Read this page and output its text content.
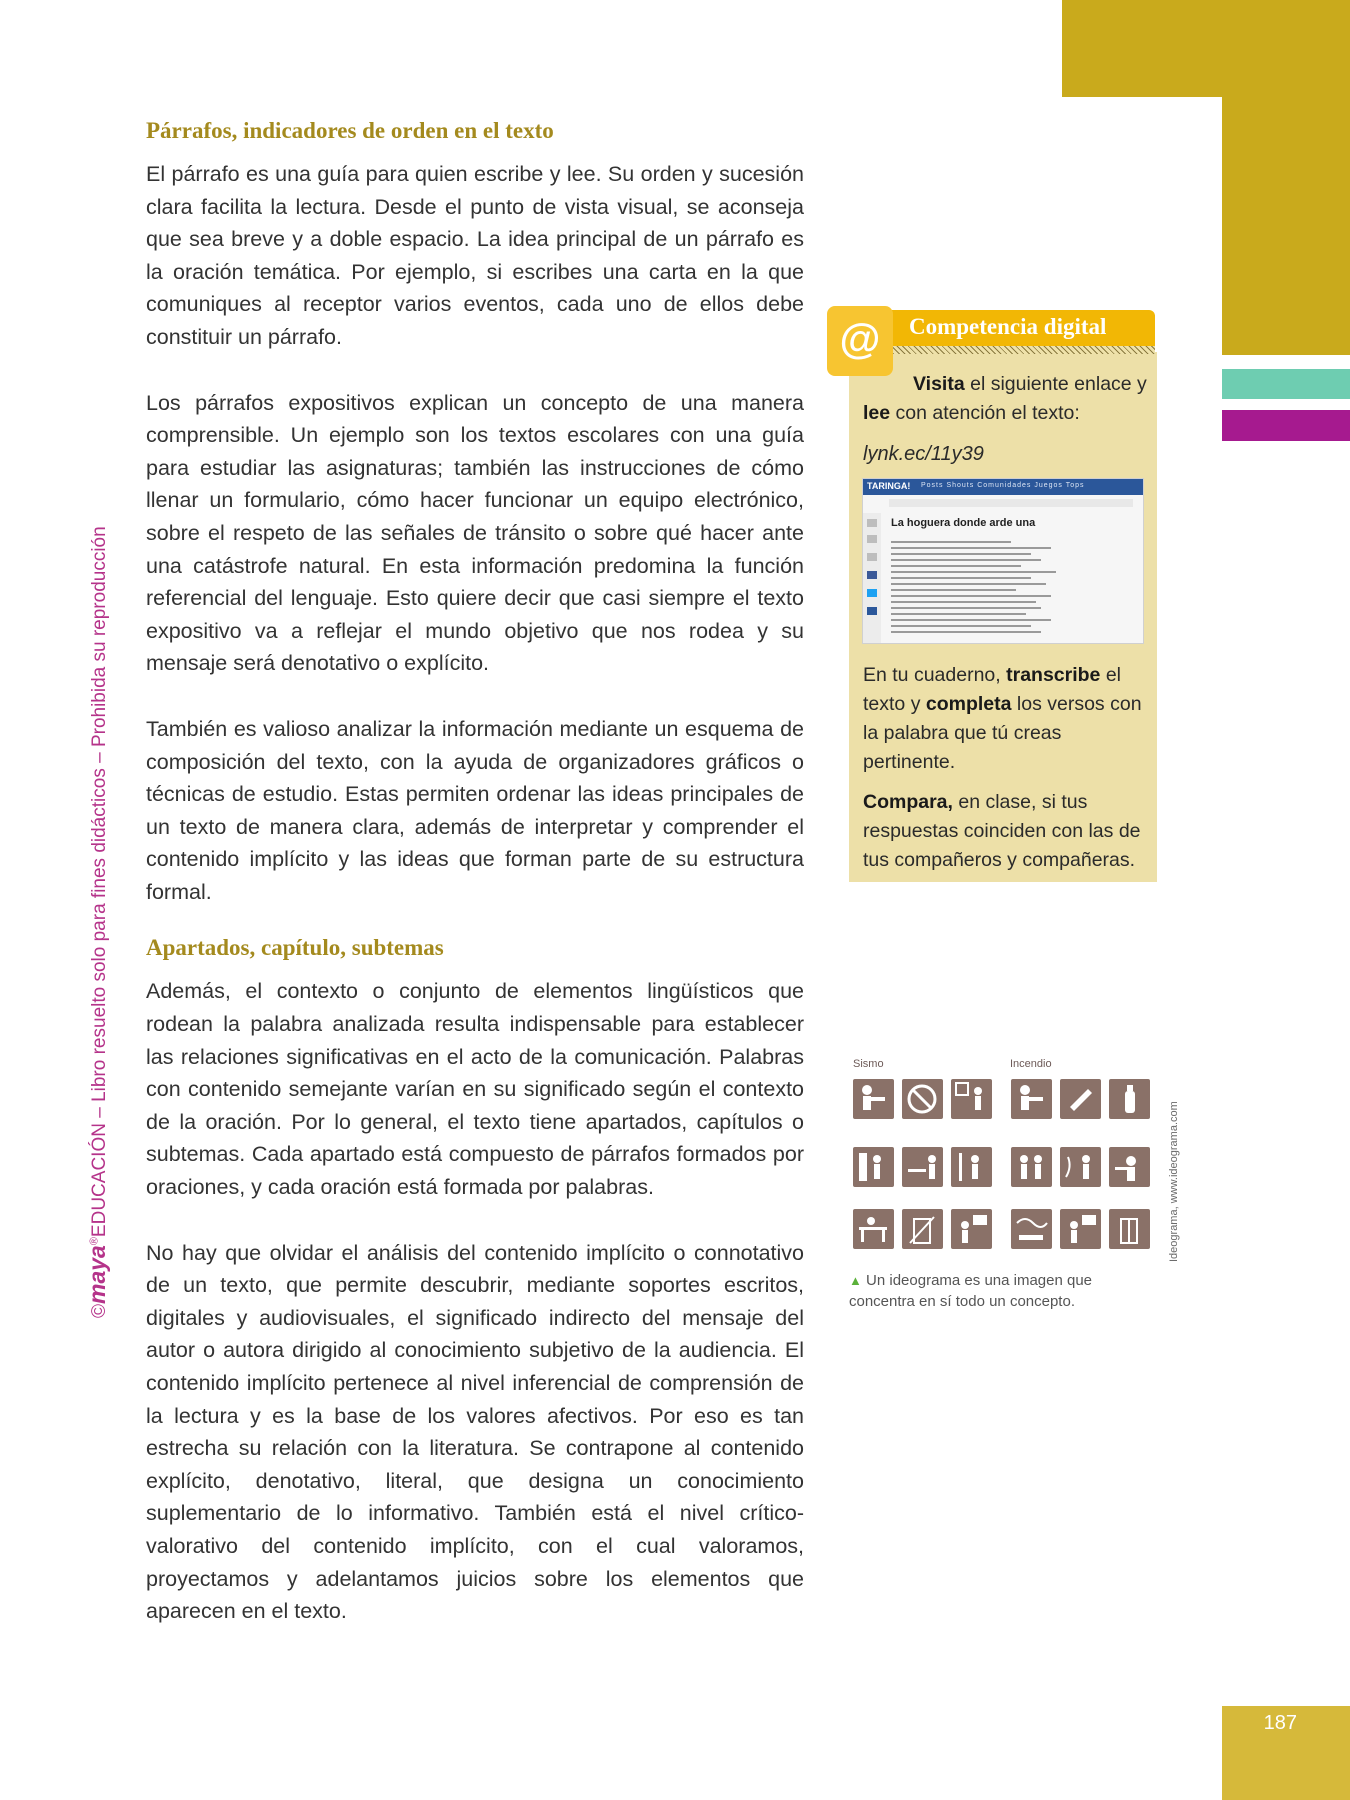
187
©maya®EDUCACIÓN – Libro resuelto solo para fines didácticos – Prohibida su reproducción
Párrafos, indicadores de orden en el texto

El párrafo es una guía para quien escribe y lee. Su orden y sucesión clara facilita la lectura. Desde el punto de vista visual, se aconseja que sea breve y a doble espacio. La idea principal de un párrafo es la oración temática. Por ejemplo, si escribes una carta en la que comuniques al receptor varios eventos, cada uno de ellos debe constituir un párrafo.

Los párrafos expositivos explican un concepto de una manera comprensible. Un ejemplo son los textos escolares con una guía para estudiar las asignaturas; también las instrucciones de cómo llenar un formulario, cómo hacer funcionar un equipo electrónico, sobre el respeto de las señales de tránsito o sobre qué hacer ante una catástrofe natural. En esta información predomina la función referencial del lenguaje. Esto quiere decir que casi siempre el texto expositivo va a reflejar el mundo objetivo que nos rodea y su mensaje será denotativo o explícito.

También es valioso analizar la información mediante un esquema de composición del texto, con la ayuda de organizadores gráficos o técnicas de estudio. Estas permiten ordenar las ideas principales de un texto de manera clara, además de interpretar y comprender el contenido implícito y las ideas que forman parte de su estructura formal.

Apartados, capítulo, subtemas

Además, el contexto o conjunto de elementos lingüísticos que rodean la palabra analizada resulta indispensable para establecer las relaciones significativas en el acto de la comunicación. Palabras con contenido semejante varían en su significado según el contexto de la oración. Por lo general, el texto tiene apartados, capítulos o subtemas. Cada apartado está compuesto de párrafos formados por oraciones, y cada oración está formada por palabras.

No hay que olvidar el análisis del contenido implícito o connotativo de un texto, que permite descubrir, mediante soportes escritos, digitales y audiovisuales, el significado indirecto del mensaje del autor o autora dirigido al conocimiento subjetivo de la audiencia. El contenido implícito pertenece al nivel inferencial de comprensión de la lectura y es la base de los valores afectivos. Por eso es tan estrecha su relación con la literatura. Se contrapone al contenido explícito, denotativo, literal, que designa un conocimiento suplementario de lo informativo. También está el nivel crítico-valorativo del contenido implícito, con el cual valoramos, proyectamos y adelantamos juicios sobre los elementos que aparecen en el texto.

Competencia digital
@
Visita el siguiente enlace y lee con atención el texto:
lynk.ec/11y39
TARINGA! Posts Shouts Comunidades Juegos Tops
La hoguera donde arde una
En tu cuaderno, transcribe el texto y completa los versos con la palabra que tú creas pertinente.
Compara, en clase, si tus respuestas coinciden con las de tus compañeros y compañeras.
Sismo	Incendio
Ideograma, www.ideograma.com
▲ Un ideograma es una imagen que concentra en sí todo un concepto.
